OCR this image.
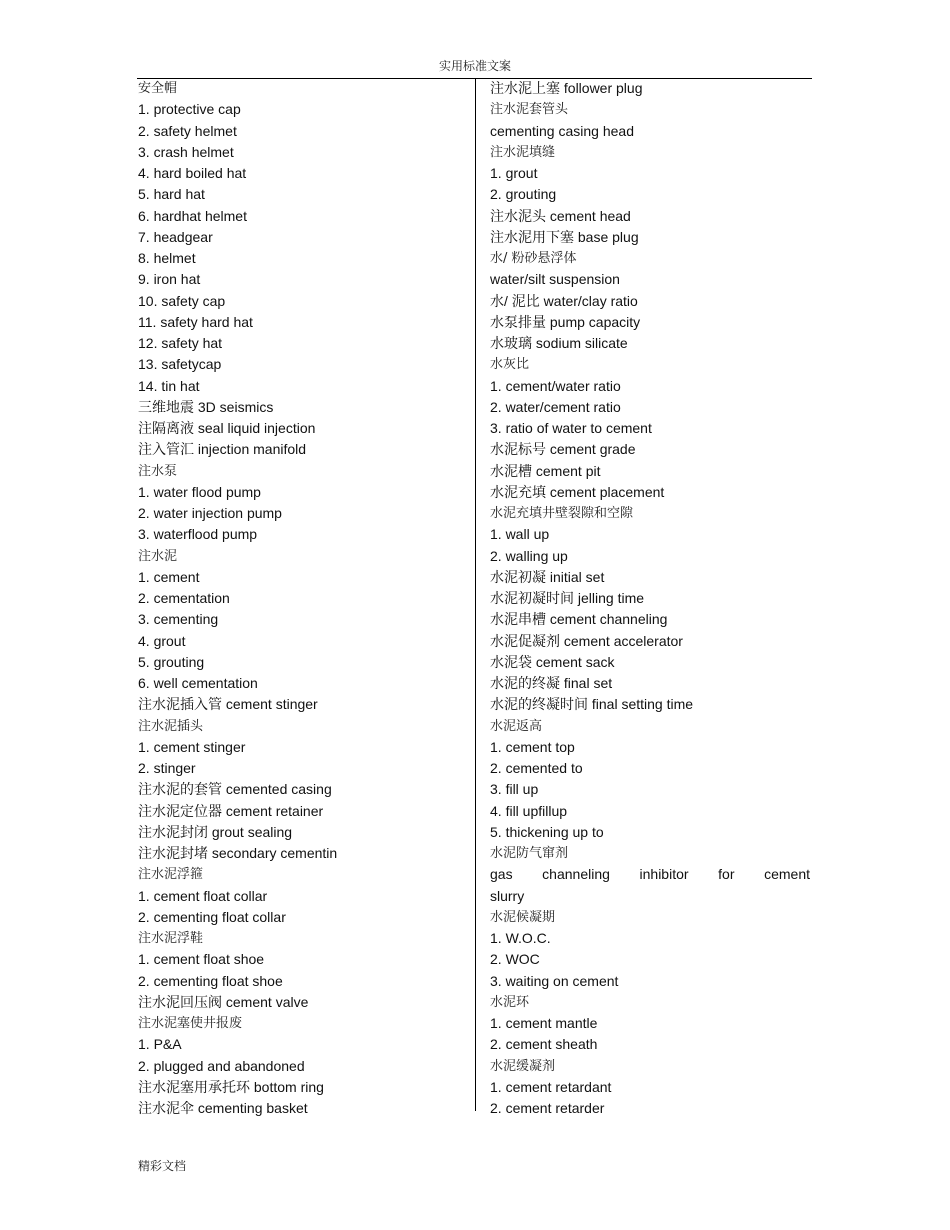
实用标准文案
安全帽
1. protective cap
2. safety helmet
3. crash helmet
4. hard boiled hat
5. hard hat
6. hardhat helmet
7. headgear
8. helmet
9. iron hat
10. safety cap
11. safety hard hat
12. safety hat
13. safetycap
14. tin hat
三维地震 3D seismics
注隔离液 seal liquid injection
注入管汇 injection manifold
注水泵
1. water flood pump
2. water injection pump
3. waterflood pump
注水泥
1. cement
2. cementation
3. cementing
4. grout
5. grouting
6. well cementation
注水泥插入管 cement stinger
注水泥插头
1. cement stinger
2. stinger
注水泥的套管 cemented casing
注水泥定位器 cement retainer
注水泥封闭 grout sealing
注水泥封堵 secondary cementin
注水泥浮箍
1. cement float collar
2. cementing float collar
注水泥浮鞋
1. cement float shoe
2. cementing float shoe
注水泥回压阀 cement valve
注水泥塞使井报废
1. P&A
2. plugged and abandoned
注水泥塞用承托环 bottom ring
注水泥伞 cementing basket
注水泥上塞 follower plug
注水泥套管头
cementing casing head
注水泥填缝
1. grout
2. grouting
注水泥头 cement head
注水泥用下塞 base plug
水/ 粉砂悬浮体
water/silt suspension
水/ 泥比 water/clay ratio
水泵排量 pump capacity
水玻璃 sodium silicate
水灰比
1. cement/water ratio
2. water/cement ratio
3. ratio of water to cement
水泥标号 cement grade
水泥槽 cement pit
水泥充填 cement placement
水泥充填井壁裂隙和空隙
1. wall up
2. walling up
水泥初凝 initial set
水泥初凝时间 jelling time
水泥串槽 cement channeling
水泥促凝剂 cement accelerator
水泥袋 cement sack
水泥的终凝 final set
水泥的终凝时间 final setting time
水泥返高
1. cement top
2. cemented to
3. fill up
4. fill upfillup
5. thickening up to
水泥防气窜剂
gas channeling inhibitor for cement
slurry
水泥候凝期
1. W.O.C.
2. WOC
3. waiting on cement
水泥环
1. cement mantle
2. cement sheath
水泥缓凝剂
1. cement retardant
2. cement retarder
精彩文档
